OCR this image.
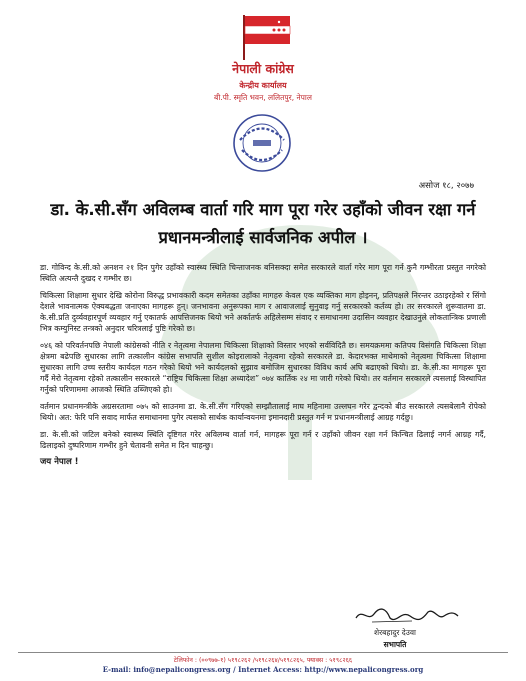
नेपाली कांग्रेस
केन्द्रीय कार्यालय
बी.पी. स्मृति भवन, ललितपुर, नेपाल
असोज १८, २०७७
डा. के.सी.सँग अविलम्ब वार्ता गरि माग पूरा गरेर उहाँको जीवन रक्षा गर्न प्रधानमन्त्रीलाई सार्वजनिक अपील ।

डा. गोविन्द के.सी.को अनशन २१ दिन पुगेर उहाँको स्वास्थ्य स्थिति चिन्ताजनक बनिसक्दा समेत सरकारले वार्ता गरेर माग पूरा गर्न कुनै गम्भीरता प्रस्तुत नगरेको स्थिति अत्यन्तै दुखद र गम्भीर छ।

चिकित्सा शिक्षामा सुधार देखि कोरोना विरुद्ध प्रभावकारी कदम समेतका उहाँका मागहरु केवल एक व्यक्तिका माग होइनन्, प्रतिपक्षले निरन्तर उठाइरहेको र सिंगो देशले भावनात्मक ऐक्यबद्धता जनाएका मागहरू हुन्। जनभावना अनुरूपका माग र आवाजलाई सुनुवाइ गर्नु सरकारको कर्तव्य हो। तर सरकारले शुरूवातमा डा. के.सी.प्रति दुर्व्यवहारपूर्ण व्यवहार गर्नु एकातर्फ आपत्तिजनक थियो भने अर्कातर्फ अहिलेसम्म संवाद र समाधानमा उदासिन व्यवहार देखाउनुले लोकतान्त्रिक प्रणाली भित्र कम्युनिस्ट तन्त्रको अनुदार चरित्रलाई पुष्टि गरेको छ।

०४६ को परिवर्तनपछि नेपाली कांग्रेसको नीति र नेतृत्वमा नेपालमा चिकित्सा शिक्षाको विस्तार भएको सर्वविदितै छ। समयक्रममा कतिपय विसंगति चिकित्सा शिक्षा क्षेत्रमा बढेपछि सुधारका लागि तत्कालीन कांग्रेस सभापति सुशील कोइरालाको नेतृत्वमा रहेको सरकारले डा. केदारभक्त माथेमाको नेतृत्वमा चिकित्सा शिक्षामा सुधारका लागि उच्च स्तरीय कार्यदल गठन गरेको थियो भने कार्यदलको सुझाव बमोजिम सुधारका विविध कार्य अघि बढाएको थियो। डा. के.सी.का मागहरू पूरा गर्दै मेरो नेतृत्वमा रहेको तत्कालीन सरकारले “राष्ट्रिय चिकित्सा शिक्षा अध्यादेश” ०७४ कार्तिक २४ मा जारी गरेको थियो। तर वर्तमान सरकारले त्यसलाई विस्थापित गर्नुको परिणाममा आजको स्थिति उब्जिएको हो।

वर्तमान प्रधानमन्त्रीके अग्रसरतामा ०७५ को साउनमा डा. के.सी.सँग गरिएको सम्झौतालाई माघ महिनामा उल्लघन गरेर द्वन्दको बीउ सरकारले त्यसबेलानै रोपेको थियो। अत: फेरि पनि सवाद मार्फत समाधानमा पुगेर त्यसको सार्थक कार्यान्वयनमा इमानदारी प्रस्तुत गर्न म प्रधानमन्त्रीलाई आग्रह गर्दछु।

डा. के.सी.को जटिल बनेको स्वास्थ्य स्थिति दृष्टिगत गरेर अविलम्ब वार्ता गर्न, मागहरू पूरा गर्न र उहाँको जीवन रक्षा गर्न किन्चित ढिलाई नगर्न आग्रह गर्दै, ढिलाइको दुष्परिणाम गम्भीर हुने चेतावनी समेत म दिन चाहन्छु।

जय नेपाल !
शेरबहादुर देउवा
सभापति
टेलिफोन : (००९७७-१) ५१९८२६२ /५१९८२६४/५१९८२६५, फ्याक्स : ५१९८२६६
E-mail: info@nepalicongress.org / Internet Access: http://www.nepalicongress.org
